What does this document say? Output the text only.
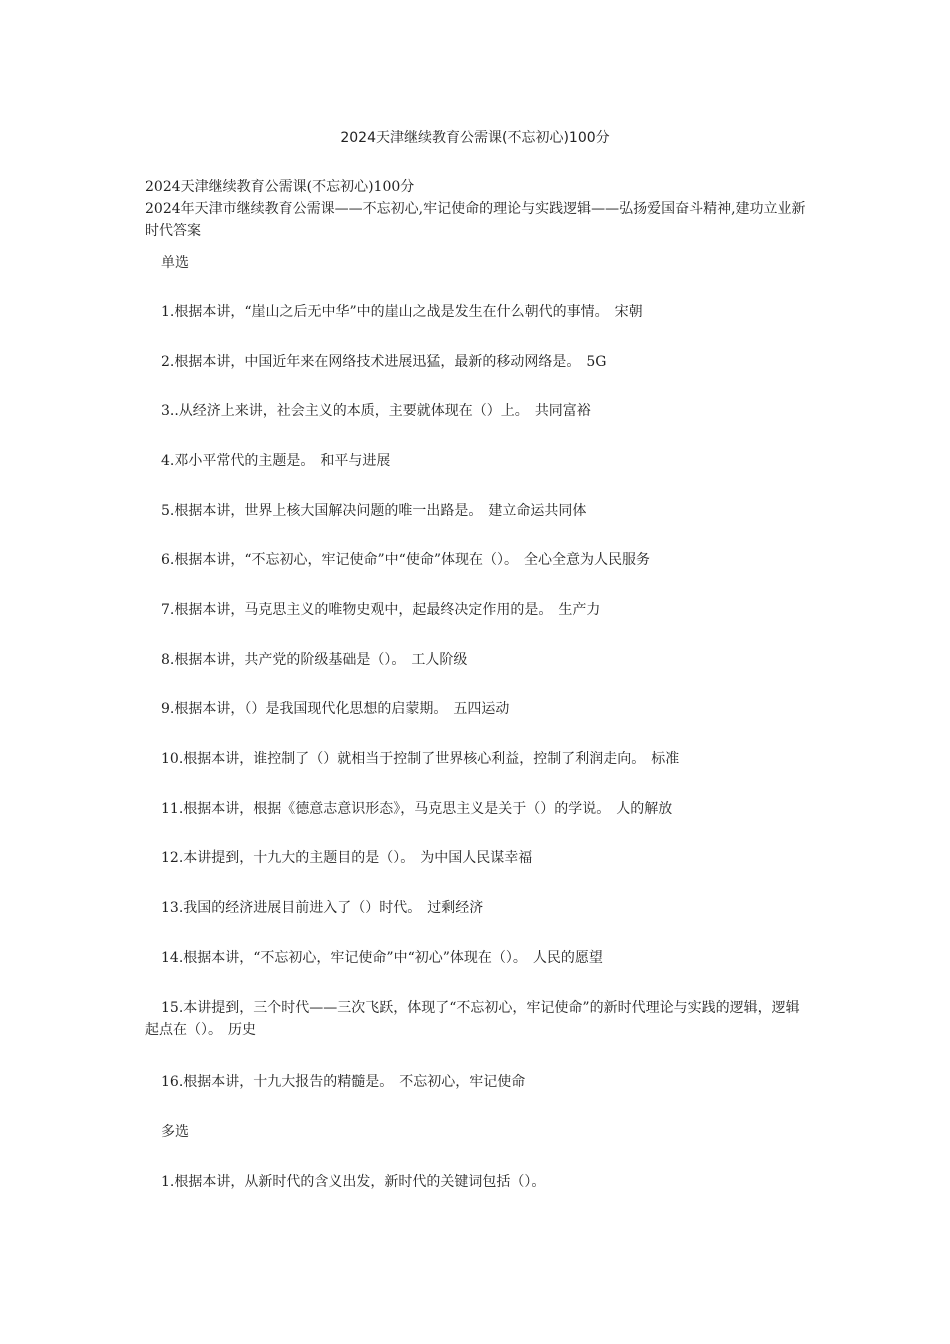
2024天津继续教育公需课(不忘初心)100分

2024天津继续教育公需课(不忘初心)100分

2024年天津市继续教育公需课——不忘初心,牢记使命的理论与实践逻辑——弘扬爱国奋斗精神,建功立业新时代答案

单选
1.根据本讲，“崖山之后无中华”中的崖山之战是发生在什么朝代的事情。 宋朝
2.根据本讲，中国近年来在网络技术进展迅猛，最新的移动网络是。 5G
3..从经济上来讲，社会主义的本质，主要就体现在（）上。 共同富裕
4.邓小平常代的主题是。 和平与进展
5.根据本讲，世界上核大国解决问题的唯一出路是。 建立命运共同体
6.根据本讲，“不忘初心，牢记使命”中“使命”体现在（）。 全心全意为人民服务
7.根据本讲，马克思主义的唯物史观中，起最终决定作用的是。 生产力
8.根据本讲，共产党的阶级基础是（）。 工人阶级
9.根据本讲，（）是我国现代化思想的启蒙期。 五四运动
10.根据本讲，谁控制了（）就相当于控制了世界核心利益，控制了利润走向。 标准
11.根据本讲，根据《德意志意识形态》，马克思主义是关于（）的学说。 人的解放
12.本讲提到，十九大的主题目的是（）。 为中国人民谋幸福
13.我国的经济进展目前进入了（）时代。 过剩经济
14.根据本讲，“不忘初心，牢记使命”中“初心”体现在（）。 人民的愿望
15.本讲提到，三个时代——三次飞跃，体现了“不忘初心，牢记使命”的新时代理论与实践的逻辑，逻辑起点在（）。 历史
16.根据本讲，十九大报告的精髓是。 不忘初心，牢记使命
多选
1.根据本讲，从新时代的含义出发，新时代的关键词包括（）。
